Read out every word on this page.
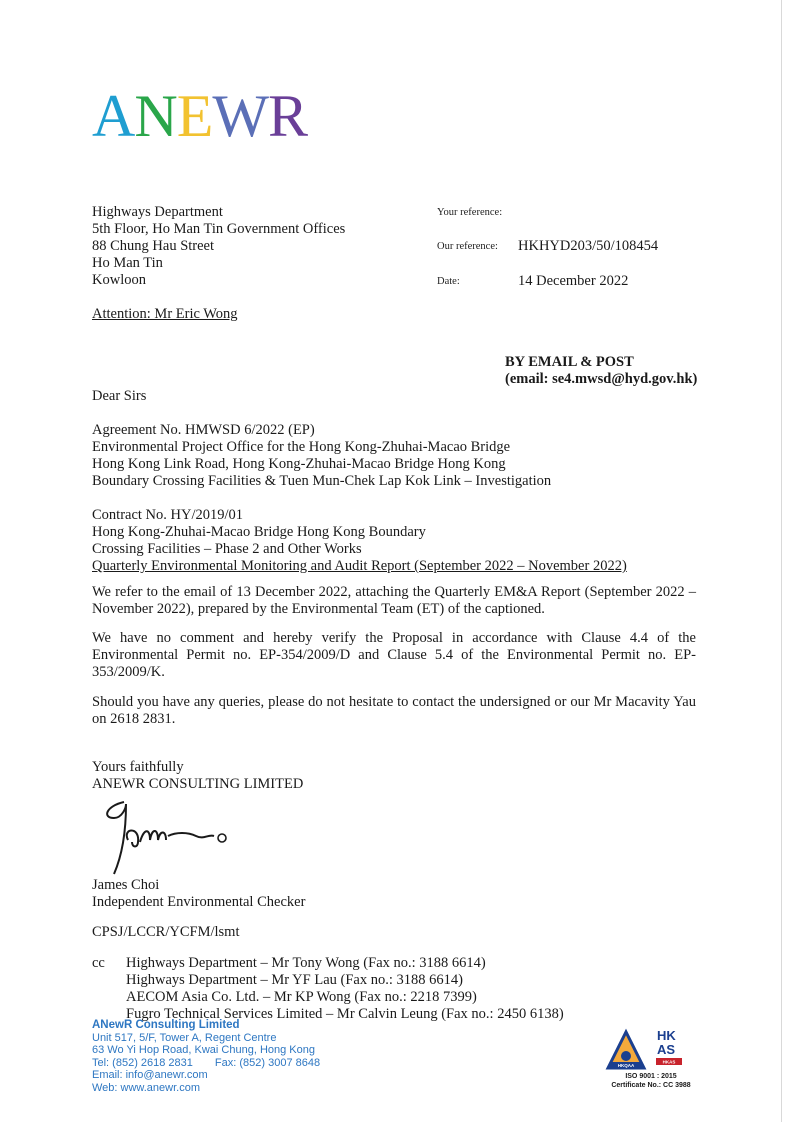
ANEWR
Highways Department
5th Floor, Ho Man Tin Government Offices
88 Chung Hau Street
Ho Man Tin
Kowloon
Your reference:
Our reference: HKHYD203/50/108454
Date:	14 December 2022
Attention: Mr Eric Wong
BY EMAIL & POST
(email: se4.mwsd@hyd.gov.hk)
Dear Sirs
Agreement No. HMWSD 6/2022 (EP)
Environmental Project Office for the Hong Kong-Zhuhai-Macao Bridge
Hong Kong Link Road, Hong Kong-Zhuhai-Macao Bridge Hong Kong
Boundary Crossing Facilities & Tuen Mun-Chek Lap Kok Link – Investigation
Contract No. HY/2019/01
Hong Kong-Zhuhai-Macao Bridge Hong Kong Boundary
Crossing Facilities – Phase 2 and Other Works
Quarterly Environmental Monitoring and Audit Report (September 2022 – November 2022)
We refer to the email of 13 December 2022, attaching the Quarterly EM&A Report (September 2022 – November 2022), prepared by the Environmental Team (ET) of the captioned.
We have no comment and hereby verify the Proposal in accordance with Clause 4.4 of the Environmental Permit no. EP-354/2009/D and Clause 5.4 of the Environmental Permit no. EP-353/2009/K.
Should you have any queries, please do not hesitate to contact the undersigned or our Mr Macavity Yau on 2618 2831.
Yours faithfully
ANEWR CONSULTING LIMITED
James Choi
Independent Environmental Checker
CPSJ/LCCR/YCFM/lsmt
cc Highways Department – Mr Tony Wong (Fax no.: 3188 6614)
Highways Department – Mr YF Lau (Fax no.: 3188 6614)
AECOM Asia Co. Ltd. – Mr KP Wong (Fax no.: 2218 7399)
Fugro Technical Services Limited – Mr Calvin Leung (Fax no.: 2450 6138)
ANewR Consulting Limited
Unit 517, 5/F, Tower A, Regent Centre
63 Wo Yi Hop Road, Kwai Chung, Hong Kong
Tel: (852) 2618 2831 Fax: (852) 3007 8648
Email: info@anewr.com
Web: www.anewr.com
HKQAA
HK
AS
HKAS
ISO 9001 : 2015
Certificate No.: CC 3988
